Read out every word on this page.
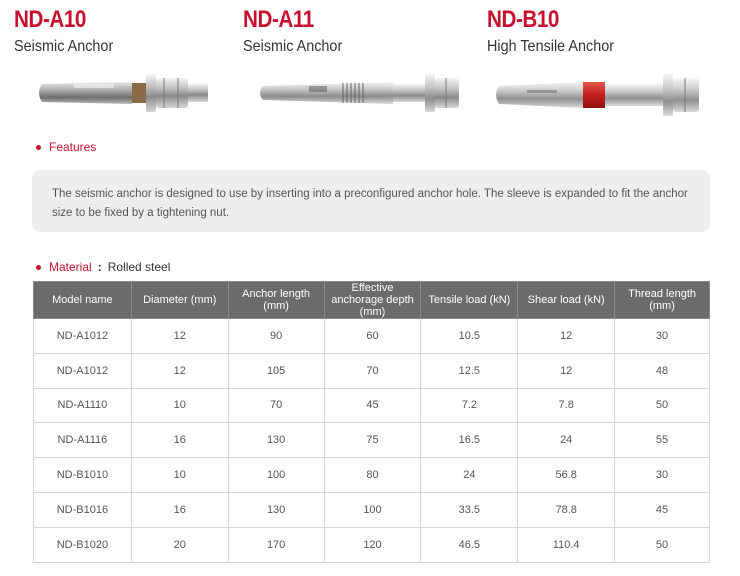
ND-A10
Seismic Anchor
ND-A11
Seismic Anchor
ND-B10
High Tensile Anchor
Features
The seismic anchor is designed to use by inserting into a preconfigured anchor hole. The sleeve is expanded to fit the anchor size to be fixed by a tightening nut.
Material : Rolled steel
Model name	Diameter (mm)	Anchor length (mm)	Effective anchorage depth (mm)	Tensile load (kN)	Shear load (kN)	Thread length (mm)
ND-A1012	12	90	60	10.5	12	30
ND-A1012	12	105	70	12.5	12	48
ND-A1110	10	70	45	7.2	7.8	50
ND-A1116	16	130	75	16.5	24	55
ND-B1010	10	100	80	24	56.8	30
ND-B1016	16	130	100	33.5	78.8	45
ND-B1020	20	170	120	46.5	110.4	50
